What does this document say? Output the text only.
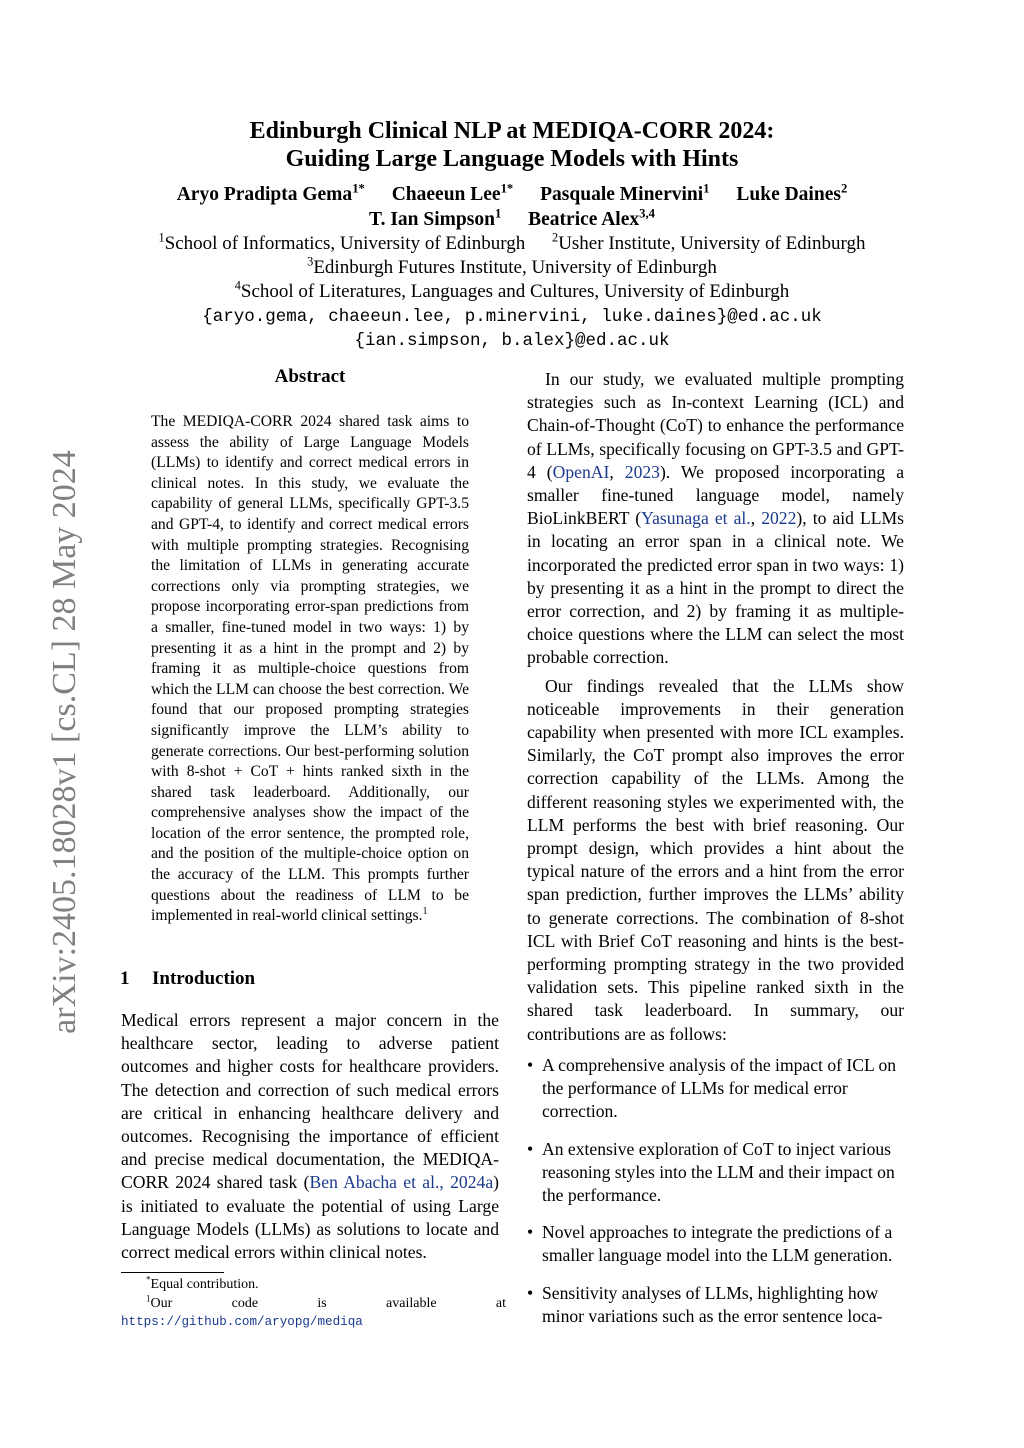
arXiv:2405.18028v1 [cs.CL] 28 May 2024
Edinburgh Clinical NLP at MEDIQA-CORR 2024:
Guiding Large Language Models with Hints
Aryo Pradipta Gema$^{1*}$ Chaeeun Lee$^{1*}$ Pasquale Minervini$^1$ Luke Daines$^2$
T. Ian Simpson$^1$ Beatrice Alex$^{3,4}$
$^1$School of Informatics, University of Edinburgh $^2$Usher Institute, University of Edinburgh
$^3$Edinburgh Futures Institute, University of Edinburgh
$^4$School of Literatures, Languages and Cultures, University of Edinburgh
{aryo.gema, chaeeun.lee, p.minervini, luke.daines}@ed.ac.uk
{ian.simpson, b.alex}@ed.ac.uk
Abstract
The MEDIQA-CORR 2024 shared task aims to assess the ability of Large Language Models (LLMs) to identify and correct medical errors in clinical notes. In this study, we evaluate the capability of general LLMs, specifically GPT-3.5 and GPT-4, to identify and correct medical errors with multiple prompting strategies. Recognising the limitation of LLMs in generating accurate corrections only via prompting strategies, we propose incorporating error-span predictions from a smaller, fine-tuned model in two ways: 1) by presenting it as a hint in the prompt and 2) by framing it as multiple-choice questions from which the LLM can choose the best correction. We found that our proposed prompting strategies significantly improve the LLM’s ability to generate corrections. Our best-performing solution with 8-shot + CoT + hints ranked sixth in the shared task leaderboard. Additionally, our comprehensive analyses show the impact of the location of the error sentence, the prompted role, and the position of the multiple-choice option on the accuracy of the LLM. This prompts further questions about the readiness of LLM to be implemented in real-world clinical settings.$^1$
1 Introduction
Medical errors represent a major concern in the healthcare sector, leading to adverse patient outcomes and higher costs for healthcare providers. The detection and correction of such medical errors are critical in enhancing healthcare delivery and outcomes. Recognising the importance of efficient and precise medical documentation, the MEDIQA-CORR 2024 shared task (Ben Abacha et al., 2024a) is initiated to evaluate the potential of using Large Language Models (LLMs) as solutions to locate and correct medical errors within clinical notes.

*Equal contribution.

$^1$Our code is available at https://github.com/aryopg/mediqa

In our study, we evaluated multiple prompting strategies such as In-context Learning (ICL) and Chain-of-Thought (CoT) to enhance the performance of LLMs, specifically focusing on GPT-3.5 and GPT-4 (OpenAI, 2023). We proposed incorporating a smaller fine-tuned language model, namely BioLinkBERT (Yasunaga et al., 2022), to aid LLMs in locating an error span in a clinical note. We incorporated the predicted error span in two ways: 1) by presenting it as a hint in the prompt to direct the error correction, and 2) by framing it as multiple-choice questions where the LLM can select the most probable correction.

Our findings revealed that the LLMs show noticeable improvements in their generation capability when presented with more ICL examples. Similarly, the CoT prompt also improves the error correction capability of the LLMs. Among the different reasoning styles we experimented with, the LLM performs the best with brief reasoning. Our prompt design, which provides a hint about the typical nature of the errors and a hint from the error span prediction, further improves the LLMs’ ability to generate corrections. The combination of 8-shot ICL with Brief CoT reasoning and hints is the best-performing prompting strategy in the two provided validation sets. This pipeline ranked sixth in the shared task leaderboard. In summary, our contributions are as follows:

• A comprehensive analysis of the impact of ICL on the performance of LLMs for medical error correction.
• An extensive exploration of CoT to inject various reasoning styles into the LLM and their impact on the performance.
• Novel approaches to integrate the predictions of a smaller language model into the LLM generation.
• Sensitivity analyses of LLMs, highlighting how minor variations such as the error sentence loca-
